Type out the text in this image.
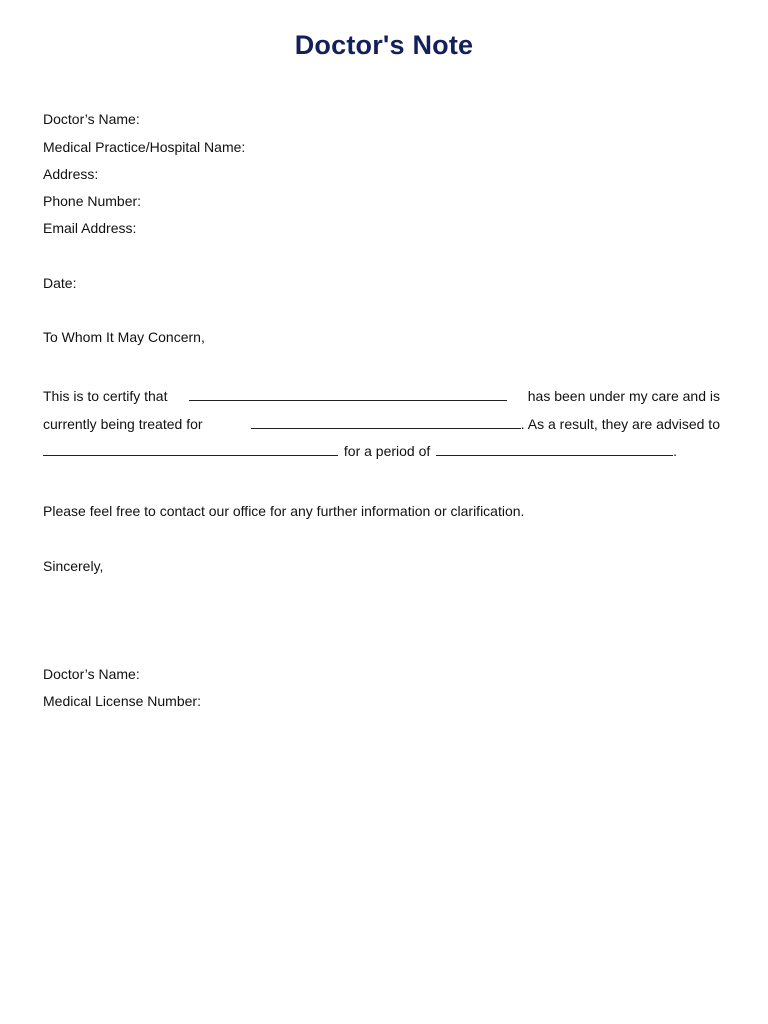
Doctor's Note
Doctor’s Name:
Medical Practice/Hospital Name:
Address:
Phone Number:
Email Address:
Date:
To Whom It May Concern,
This is to certify that	has been under my care and is
currently being treated for	. As a result, they are advised to
for a period of	.
Please feel free to contact our office for any further information or clarification.
Sincerely,
Doctor’s Name:
Medical License Number:
